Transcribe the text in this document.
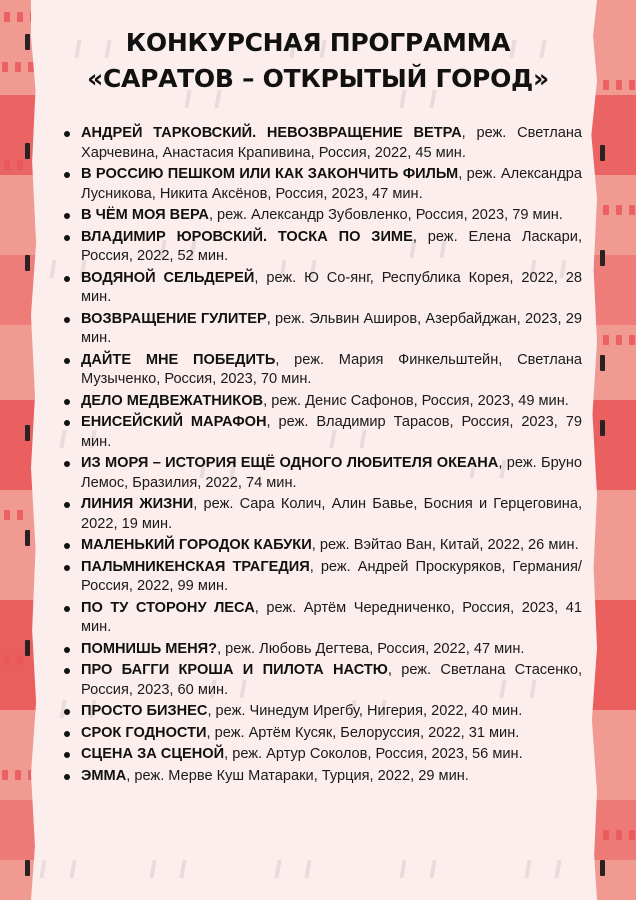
КОНКУРСНАЯ ПРОГРАММА
«САРАТОВ – ОТКРЫТЫЙ ГОРОД»
АНДРЕЙ ТАРКОВСКИЙ. НЕВОЗВРАЩЕНИЕ ВЕТРА, реж. Светлана Харчевина, Анастасия Крапивина, Россия, 2022, 45 мин.
В РОССИЮ ПЕШКОМ ИЛИ КАК ЗАКОНЧИТЬ ФИЛЬМ, реж. Александра Лусникова, Никита Аксёнов, Россия, 2023, 47 мин.
В ЧЁМ МОЯ ВЕРА, реж. Александр Зубовленко, Россия, 2023, 79 мин.
ВЛАДИМИР ЮРОВСКИЙ. ТОСКА ПО ЗИМЕ, реж. Елена Ласкари, Россия, 2022, 52 мин.
ВОДЯНОЙ СЕЛЬДЕРЕЙ, реж. Ю Со-янг, Республика Корея, 2022, 28 мин.
ВОЗВРАЩЕНИЕ ГУЛИТЕР, реж. Эльвин Аширов, Азербайджан, 2023, 29 мин.
ДАЙТЕ МНЕ ПОБЕДИТЬ, реж. Мария Финкельштейн, Светлана Музыченко, Россия, 2023, 70 мин.
ДЕЛО МЕДВЕЖАТНИКОВ, реж. Денис Сафонов, Россия, 2023, 49 мин.
ЕНИСЕЙСКИЙ МАРАФОН, реж. Владимир Тарасов, Россия, 2023, 79 мин.
ИЗ МОРЯ – ИСТОРИЯ ЕЩЁ ОДНОГО ЛЮБИТЕЛЯ ОКЕАНА, реж. Бруно Лемос, Бразилия, 2022, 74 мин.
ЛИНИЯ ЖИЗНИ, реж. Сара Колич, Алин Бавье, Босния и Герцеговина, 2022, 19 мин.
МАЛЕНЬКИЙ ГОРОДОК КАБУКИ, реж. Вэйтао Ван, Китай, 2022, 26 мин.
ПАЛЬМНИКЕНСКАЯ ТРАГЕДИЯ, реж. Андрей Проскуряков, Германия/Россия, 2022, 99 мин.
ПО ТУ СТОРОНУ ЛЕСА, реж. Артём Чередниченко, Россия, 2023, 41 мин.
ПОМНИШЬ МЕНЯ?, реж. Любовь Дегтева, Россия, 2022, 47 мин.
ПРО БАГГИ КРОША И ПИЛОТА НАСТЮ, реж. Светлана Стасенко, Россия, 2023, 60 мин.
ПРОСТО БИЗНЕС, реж. Чинедум Ирегбу, Нигерия, 2022, 40 мин.
СРОК ГОДНОСТИ, реж. Артём Кусяк, Белоруссия, 2022, 31 мин.
СЦЕНА ЗА СЦЕНОЙ, реж. Артур Соколов, Россия, 2023, 56 мин.
ЭММА, реж. Мерве Куш Матараки, Турция, 2022, 29 мин.
